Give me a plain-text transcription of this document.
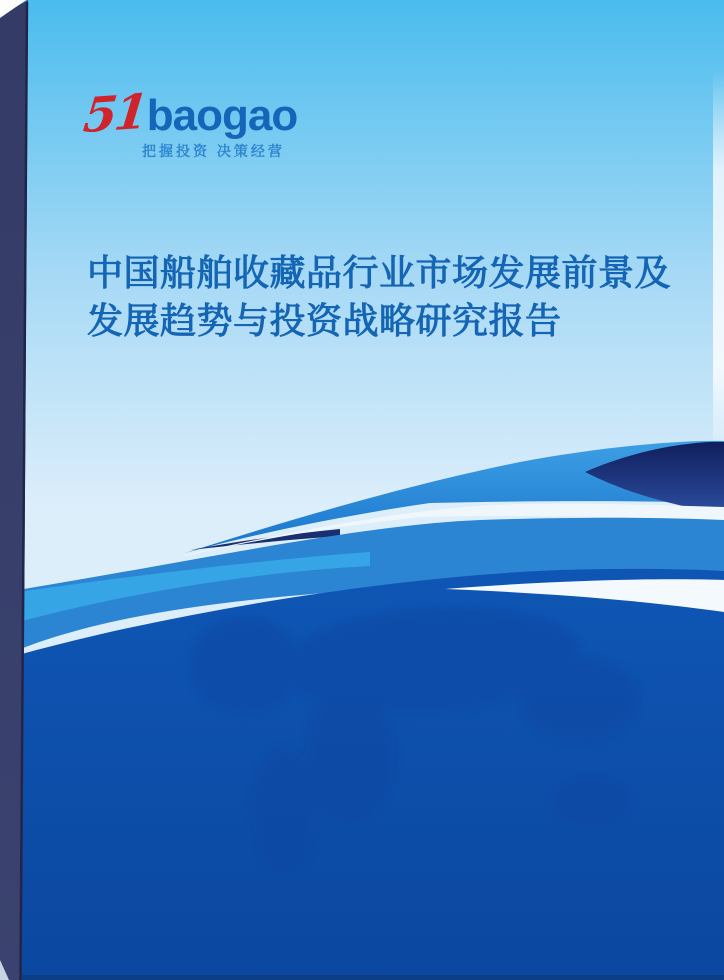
51baogao
把握投资 决策经营
中国船舶收藏品行业市场发展前景及
发展趋势与投资战略研究报告
